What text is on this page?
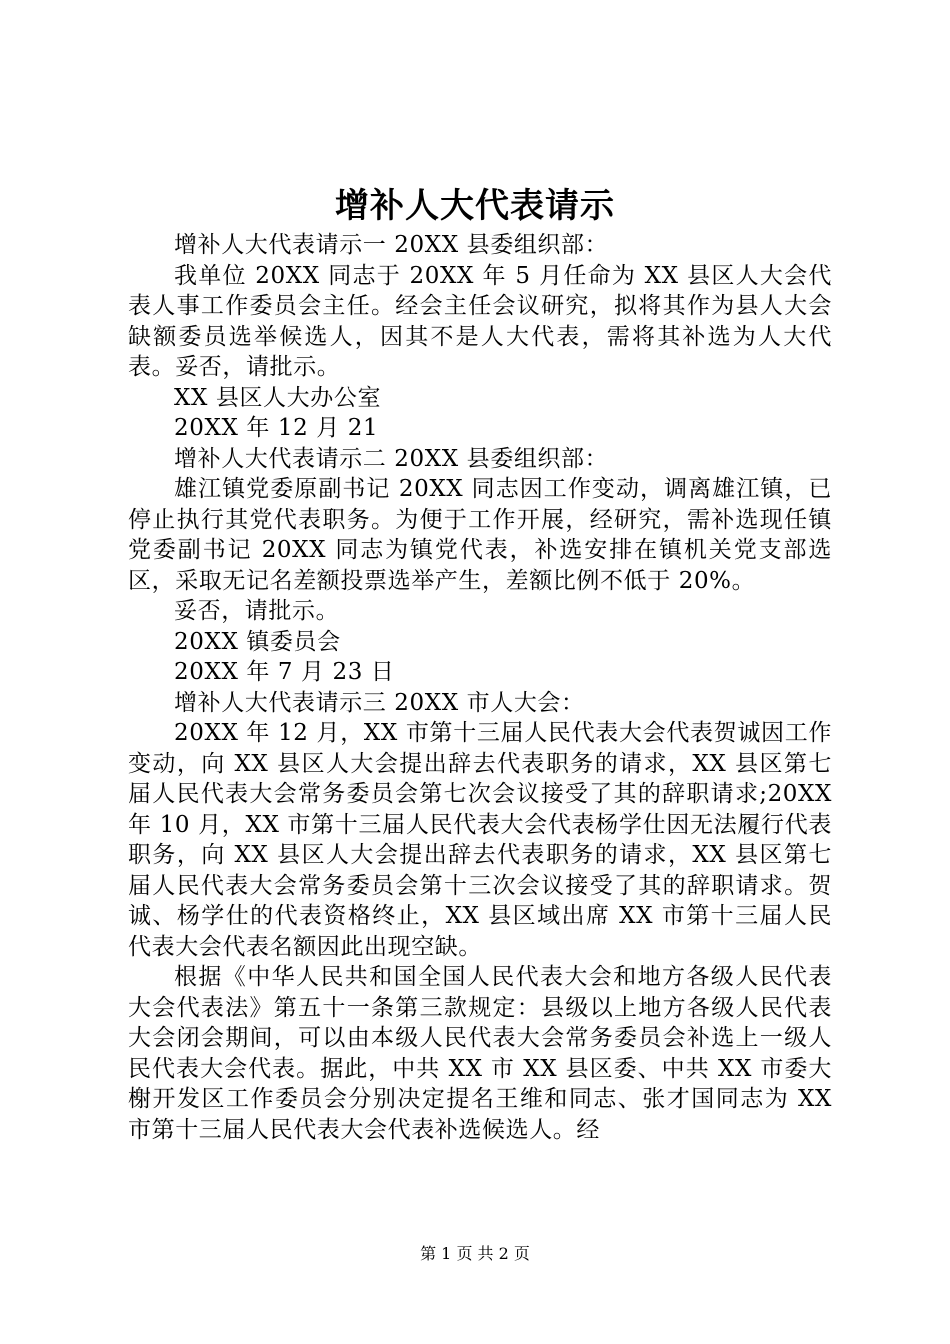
增补人大代表请示

增补人大代表请示一 20XX 县委组织部：

我单位 20XX 同志于 20XX 年 5 月任命为 XX 县区人大会代表人事工作委员会主任。经会主任会议研究，拟将其作为县人大会缺额委员选举候选人，因其不是人大代表，需将其补选为人大代表。妥否，请批示。

XX 县区人大办公室

20XX 年 12 月 21

增补人大代表请示二 20XX 县委组织部：

雄江镇党委原副书记 20XX 同志因工作变动，调离雄江镇，已停止执行其党代表职务。为便于工作开展，经研究，需补选现任镇党委副书记 20XX 同志为镇党代表，补选安排在镇机关党支部选区，采取无记名差额投票选举产生，差额比例不低于 20%。

妥否，请批示。

20XX 镇委员会

20XX 年 7 月 23 日

增补人大代表请示三 20XX 市人大会：

20XX 年 12 月，XX 市第十三届人民代表大会代表贺诚因工作变动，向 XX 县区人大会提出辞去代表职务的请求，XX 县区第七届人民代表大会常务委员会第七次会议接受了其的辞职请求;20XX 年 10 月，XX 市第十三届人民代表大会代表杨学仕因无法履行代表职务，向 XX 县区人大会提出辞去代表职务的请求，XX 县区第七届人民代表大会常务委员会第十三次会议接受了其的辞职请求。贺诚、杨学仕的代表资格终止，XX 县区域出席 XX 市第十三届人民代表大会代表名额因此出现空缺。

根据《中华人民共和国全国人民代表大会和地方各级人民代表大会代表法》第五十一条第三款规定：县级以上地方各级人民代表大会闭会期间，可以由本级人民代表大会常务委员会补选上一级人民代表大会代表。据此，中共 XX 市 XX 县区委、中共 XX 市委大榭开发区工作委员会分别决定提名王维和同志、张才国同志为 XX 市第十三届人民代表大会代表补选候选人。经

第 1 页 共 2 页
